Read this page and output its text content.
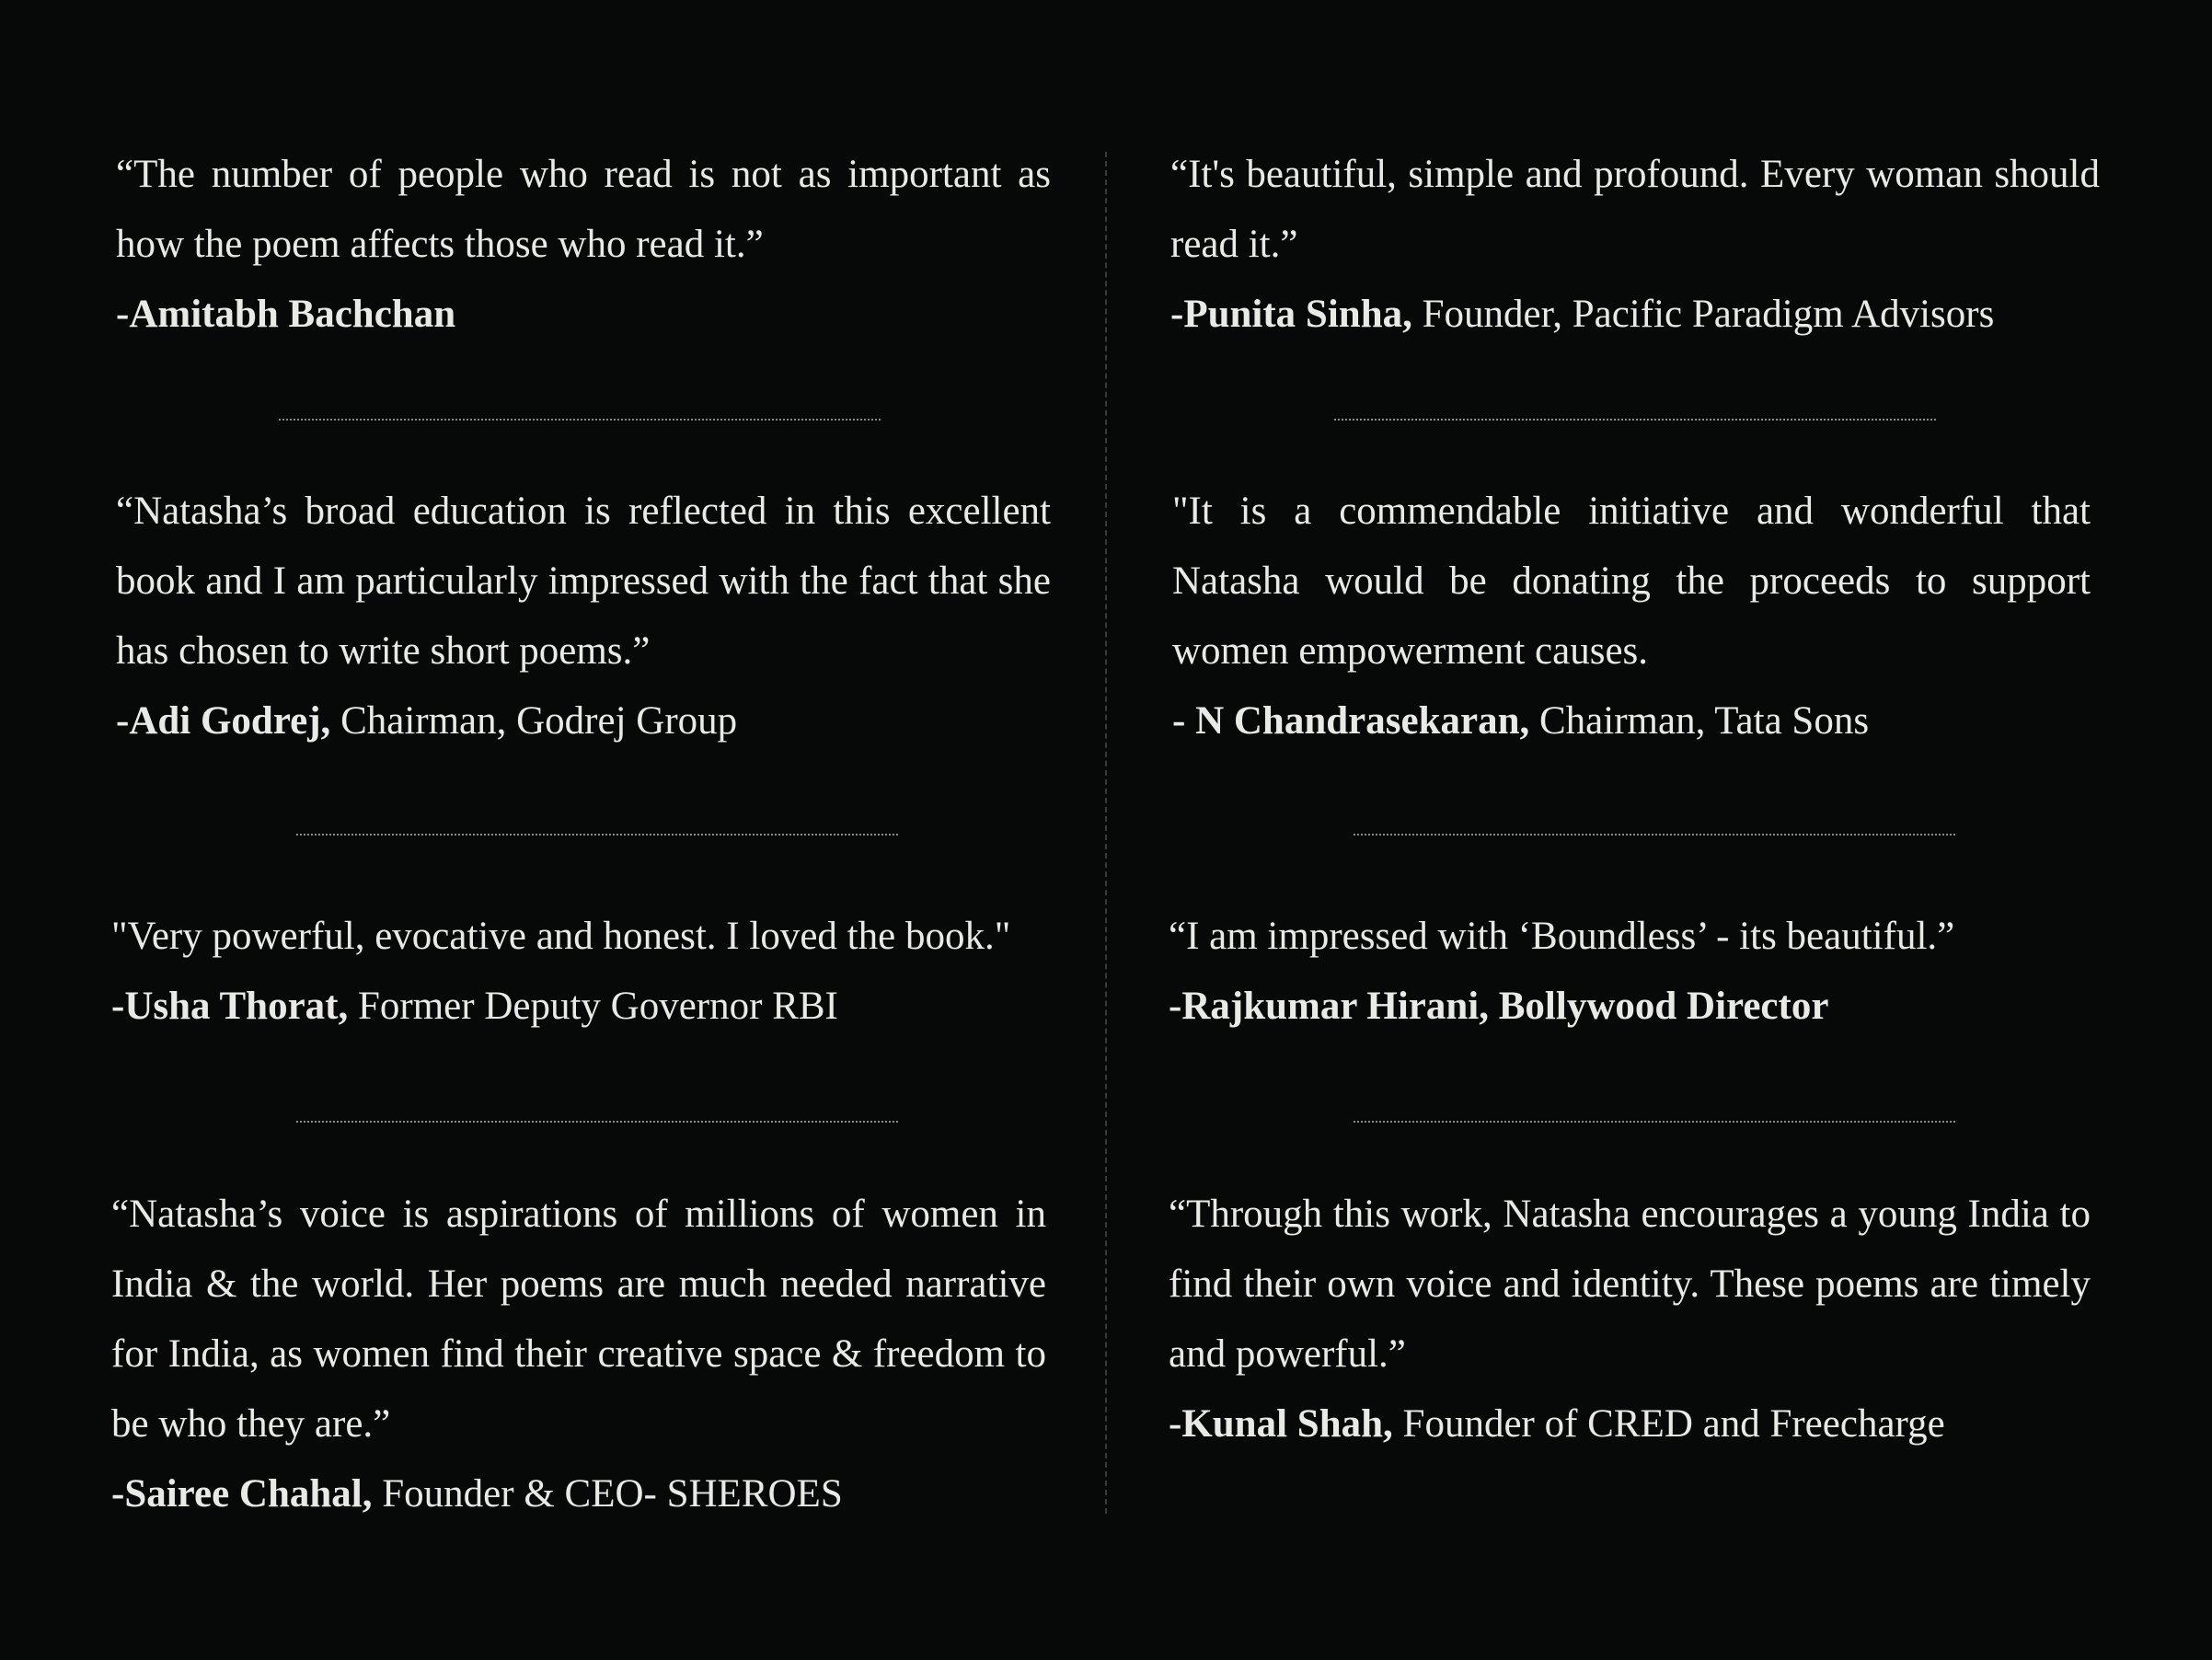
“The number of people who read is not as important as how the poem affects those who read it.”

-Amitabh Bachchan

“Natasha’s broad education is reflected in this excellent book and I am particularly impressed with the fact that she has chosen to write short poems.”

-Adi Godrej, Chairman, Godrej Group

"Very powerful, evocative and honest. I loved the book."

-Usha Thorat, Former Deputy Governor RBI

“Natasha’s voice is aspirations of millions of women in India & the world. Her poems are much needed narrative for India, as women find their creative space & freedom to be who they are.”

-Sairee Chahal, Founder & CEO- SHEROES

“It's beautiful, simple and profound. Every woman should read it.”

-Punita Sinha, Founder, Pacific Paradigm Advisors

"It is a commendable initiative and wonderful that Natasha would be donating the proceeds to support women empowerment causes.

- N Chandrasekaran, Chairman, Tata Sons

“I am impressed with ‘Boundless’ - its beautiful.”

-Rajkumar Hirani, Bollywood Director

“Through this work, Natasha encourages a young India to find their own voice and identity. These poems are timely and powerful.”

-Kunal Shah, Founder of CRED and Freecharge
